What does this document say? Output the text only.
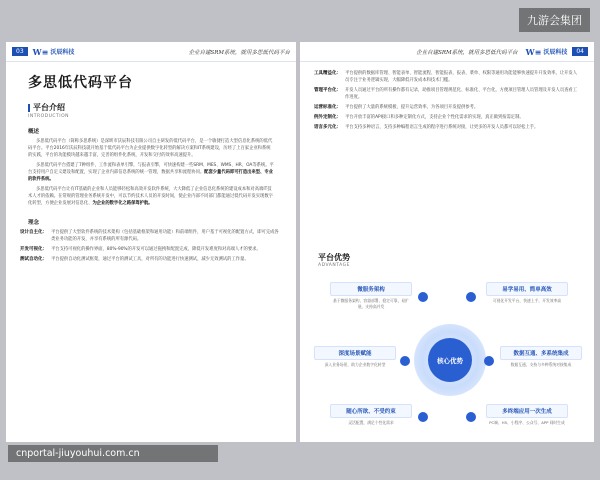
03	W≡ 沃辰科技	企业自建SRM系统，就用多思低代码平台
多思低代码平台
平台介绍
INTRODUCTION
概述
多思低代码平台（简称多思系统）是深圳市沃辰科技有限公司自主研发的低代码平台，是一个敏捷打造大型信息化系统的低代码平台。平台2016年沃辰科技就开始基于低代码平台为企业提供数字化转型的解决方案和IT系统建设，历经了上百家企业和系统的实践，平台的功能模块越来越丰富，完善的组件化系统，开发和交付的效率高速提升。
多思低代码平台搭建了7种组件，工作流和表单引擎，与报表引擎，可快速构建一些SRM、MES、WMS、HR、OA等系统。平台支持用户自定义建设和配置，实现了企业内部信息系统的统一管理，数据共享和流程协同。配套少量代码即可打造出来型、专业的软件系统。
多思低代码平台让有IT基础的企业和人员能够轻松和高效开发软件系统，大大降低了企业信息化系统的建设成本和对高端IT技术人才的依赖。在常规的管理业务系统开发中，可以节约技术人员的开发时间，使企业内部不同部门都能通过低代码开发实现数字化转型，方便企业发展对信息化、为企业的数字化之路保驾护航。
理念
设计自主化： 平台提供了大型软件系统的技术架构（包括基础框架和通用功能）和前端组件，用户基于可视化的配置方式，即可完成各类业务功能的开发，并享有系统的所有源代码。
开发可视化： 平台支持可视化的操作界面，80%-90%的开发可以通过拖拽和配置完成，降低开发难度和对高端人才的要求。
测试自动化： 平台提供自动化测试框架，通过平台的测试工具，对所有的功能进行快速测试，减少无效测试的工作量。
企业自建SRM系统，就用多思低代码平台 W≡ 沃辰科技	04
工具精益化： 平台提供的数据库管理、智能表单、智能流程、智能报表、报表、菜单、权限等通用功能能够快速提升开发效率，让开发人员专注于业务逻辑实现，大幅降低开发成本和技术门槛。
管理平台化： 开发人员通过平台的所有操作都有记录，助推项目管理规范化、标准化、平台化，方便项目管理人员管理及开发人员查看工作进度。
运营标准化： 平台提供了大量的系统模板，提升运营效率，为各项目开发提供参考。
例外定制化： 平台开放丰富的API接口和多种定制化方式，支持企业个性化需求的实现，真正做到按需定制。
语言多元化： 平台支持多种语言，支持多种编程语言生成的程序进行系统对接，让更多的开发人员都可以轻松上手。
平台优势
ADVANTAGE
核心优势
微服务架构
基于微服务架构，容器部署，稳定可靠，易扩展，支持高并发
易学易用、简单高效
可视化开发平台，快速上手，开发效率高
深度场景赋能
深入业务场景，助力企业数字化转型
数据互通、多系统集成
数据互通，支持与多种系统对接集成
随心所欲、不受约束
灵活配置，满足个性化需求
多终端应用一次生成
PC端、H5、小程序、公众号、APP 同时生成
九游会集团
cnportal-jiuyouhui.com.cn
